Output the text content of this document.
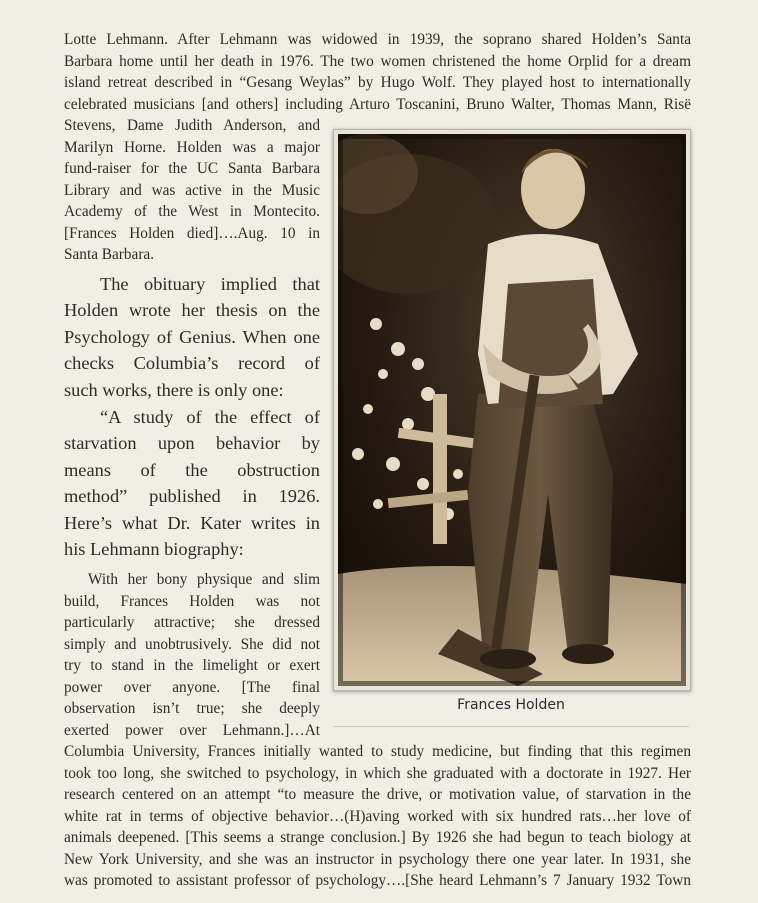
Lotte Lehmann. After Lehmann was widowed in 1939, the soprano shared Holden’s Santa
Barbara home until her death in 1976. The two women christened the home Orplid for a dream
island retreat described in “Gesang Weylas” by Hugo Wolf. They played host to internationally
celebrated musicians [and others] including Arturo Toscanini, Bruno Walter, Thomas Mann, Risë
Stevens, Dame Judith Anderson, and
Marilyn Horne. Holden was a major
fund-raiser for the UC Santa Barbara
Library and was active in the Music
Academy of the West in Montecito.
[Frances Holden died]….Aug. 10 in
Santa Barbara.
The obituary implied that
Holden wrote her thesis on the
Psychology of Genius. When one
checks Columbia’s record of
such works, there is only one:
“A study of the effect of
starvation upon behavior by
means of the obstruction
method” published in 1926.
Here’s what Dr. Kater writes in
his Lehmann biography:
With her bony physique and slim
build, Frances Holden was not
particularly attractive; she dressed
simply and unobtrusively. She did not
try to stand in the limelight or exert
power over anyone. [The final
observation isn’t true; she deeply
exerted power over Lehmann.]…At
Columbia University, Frances initially wanted to study medicine, but finding that this regimen
took too long, she switched to psychology, in which she graduated with a doctorate in 1927. Her
research centered on an attempt “to measure the drive, or motivation value, of starvation in the
white rat in terms of objective behavior…(H)aving worked with six hundred rats…her love of
animals deepened. [This seems a strange conclusion.] By 1926 she had begun to teach biology at
New York University, and she was an instructor in psychology there one year later. In 1931, she
was promoted to assistant professor of psychology….[She heard Lehmann’s 7 January 1932 Town
Frances Holden
